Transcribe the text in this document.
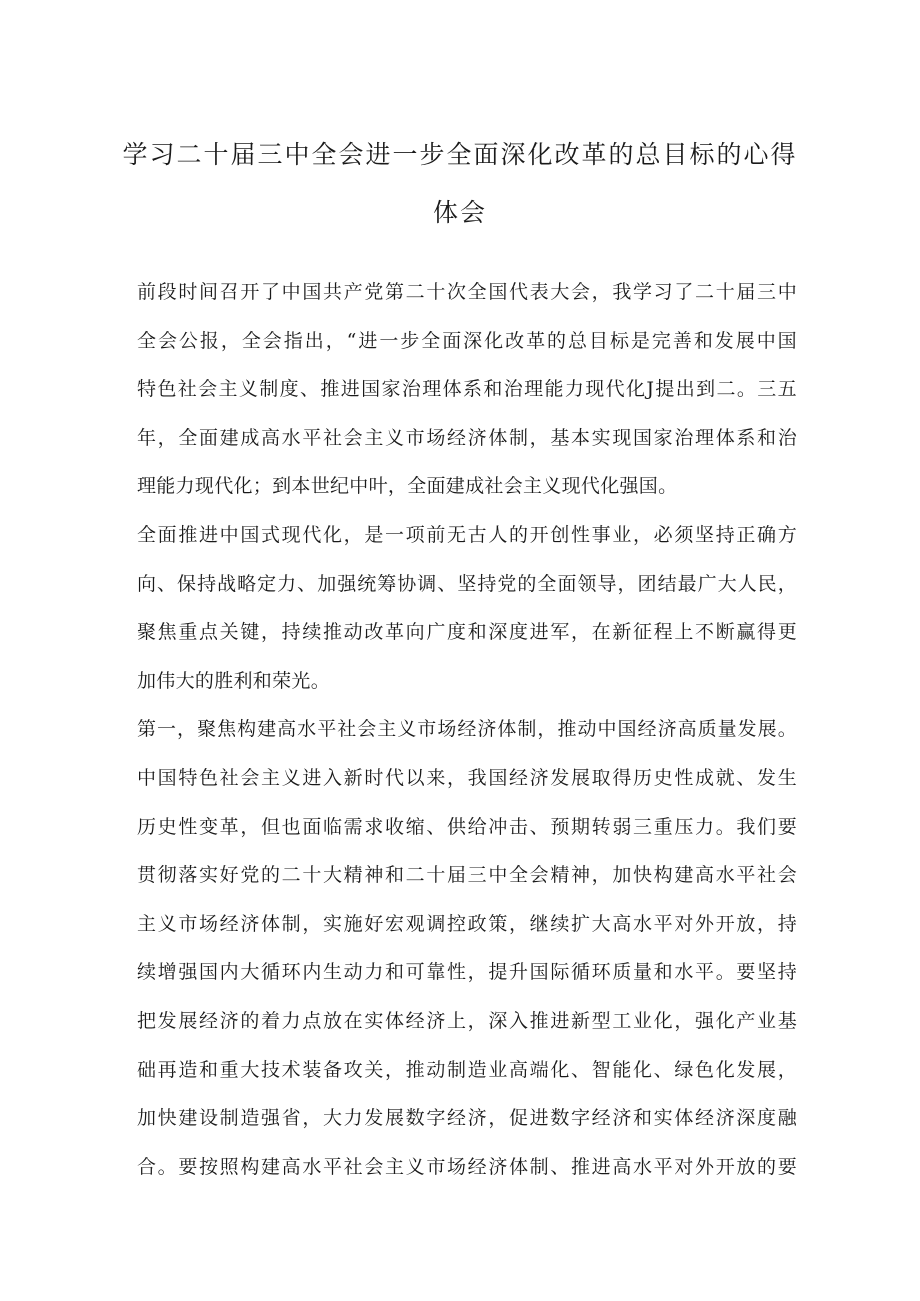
学习二十届三中全会进一步全面深化改革的总目标的心得
体会
前段时间召开了中国共产党第二十次全国代表大会，我学习了二十届三中
全会公报，全会指出，“进一步全面深化改革的总目标是完善和发展中国
特色社会主义制度、推进国家治理体系和治理能力现代化J提出到二。三五
年，全面建成高水平社会主义市场经济体制，基本实现国家治理体系和治
理能力现代化；到本世纪中叶，全面建成社会主义现代化强国。
全面推进中国式现代化，是一项前无古人的开创性事业，必须坚持正确方
向、保持战略定力、加强统筹协调、坚持党的全面领导，团结最广大人民，
聚焦重点关键，持续推动改革向广度和深度进军，在新征程上不断赢得更
加伟大的胜利和荣光。
第一，聚焦构建高水平社会主义市场经济体制，推动中国经济高质量发展。
中国特色社会主义进入新时代以来，我国经济发展取得历史性成就、发生
历史性变革，但也面临需求收缩、供给冲击、预期转弱三重压力。我们要
贯彻落实好党的二十大精神和二十届三中全会精神，加快构建高水平社会
主义市场经济体制，实施好宏观调控政策，继续扩大高水平对外开放，持
续增强国内大循环内生动力和可靠性，提升国际循环质量和水平。要坚持
把发展经济的着力点放在实体经济上，深入推进新型工业化，强化产业基
础再造和重大技术装备攻关，推动制造业高端化、智能化、绿色化发展，
加快建设制造强省，大力发展数字经济，促进数字经济和实体经济深度融
合。要按照构建高水平社会主义市场经济体制、推进高水平对外开放的要
